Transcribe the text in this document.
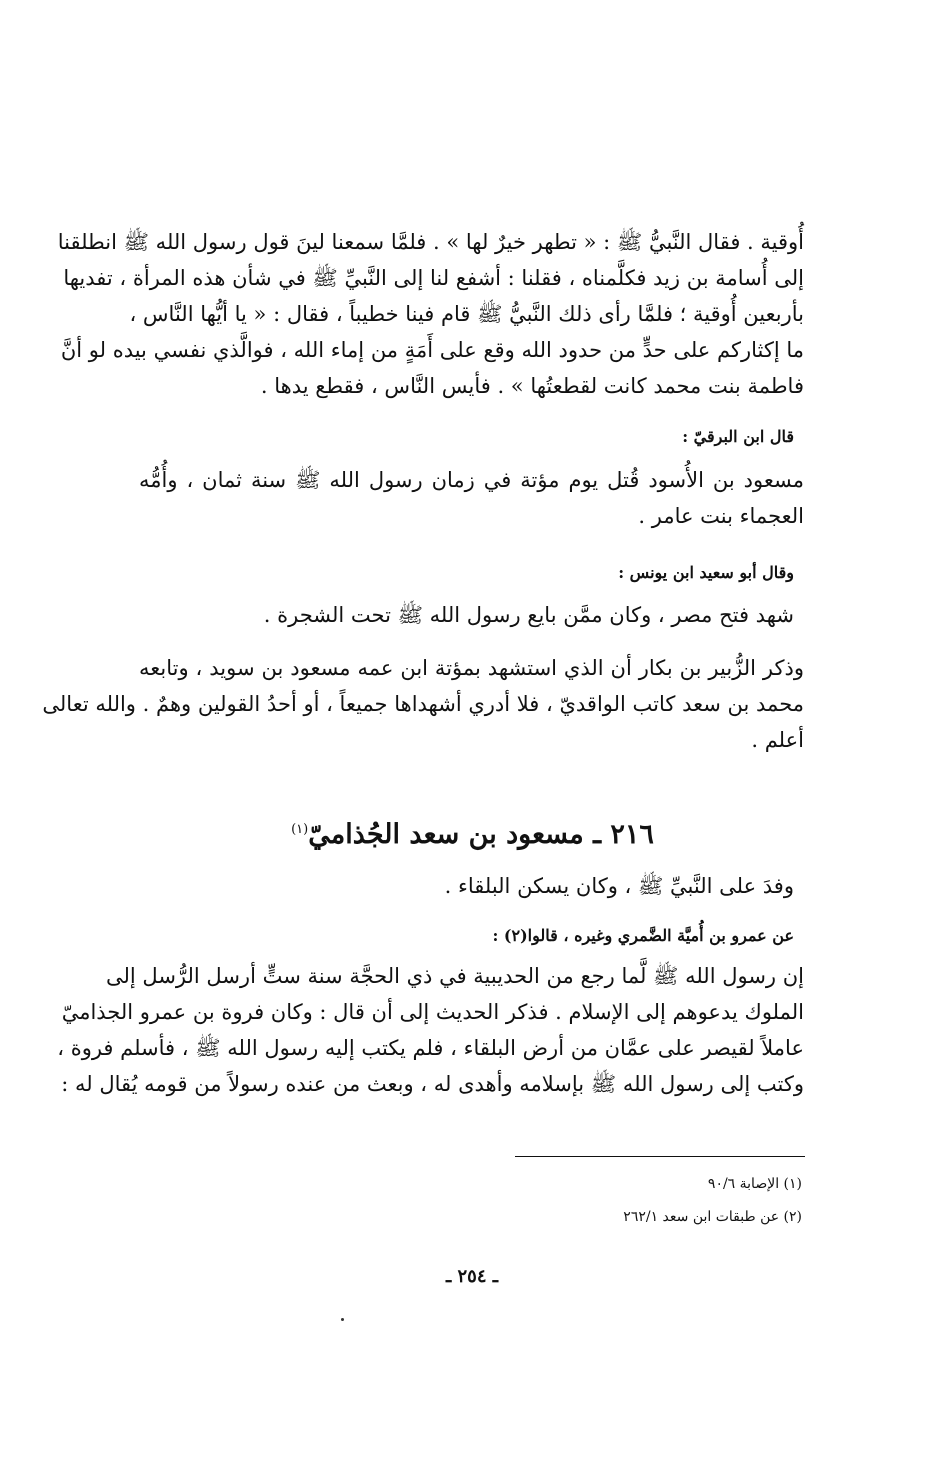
أُوقية . فقال النَّبيُّ ﷺ : « تطهر خيرٌ لها » . فلمَّا سمعنا لينَ قول رسول الله ﷺ انطلقنا
إلى أُسامة بن زيد فكلَّمناه ، فقلنا : أشفع لنا إلى النَّبيِّ ﷺ في شأن هذه المرأة ، تفديها
بأربعين أُوقية ؛ فلمَّا رأى ذلك النَّبيُّ ﷺ قام فينا خطيباً ، فقال : « يا أيُّها النَّاس ،
ما إكثاركم على حدٍّ من حدود الله وقع على أَمَةٍ من إماء الله ، فوالَّذي نفسي بيده لو أنَّ
فاطمة بنت محمد كانت لقطعتُها » . فأيس النَّاس ، فقطع يدها .
قال ابن البرقيّ :
مسعود بن الأُسود قُتل يوم مؤتة في زمان رسول الله ﷺ سنة ثمان ، وأُمُّه
العجماء بنت عامر .
وقال أبو سعيد ابن يونس :
شهد فتح مصر ، وكان ممَّن بايع رسول الله ﷺ تحت الشجرة .
وذكر الزُّبير بن بكار أن الذي استشهد بمؤتة ابن عمه مسعود بن سويد ، وتابعه
محمد بن سعد كاتب الواقديّ ، فلا أدري أشهداها جميعاً ، أو أحدُ القولين وهمٌ . والله تعالى
أعلم .
٢١٦ ـ مسعود بن سعد الجُذاميّ$^{(١)}$
وفدَ على النَّبيِّ ﷺ ، وكان يسكن البلقاء .
عن عمرو بن أُميَّة الضَّمري وغيره ، قالوا(٢) :
إن رسول الله ﷺ لَّما رجع من الحديبية في ذي الحجَّة سنة ستٍّ أرسل الرُّسل إلى
الملوك يدعوهم إلى الإسلام . فذكر الحديث إلى أن قال : وكان فروة بن عمرو الجذاميّ
عاملاً لقيصر على عمَّان من أرض البلقاء ، فلم يكتب إليه رسول الله ﷺ ، فأسلم فروة ،
وكتب إلى رسول الله ﷺ بإسلامه وأهدى له ، وبعث من عنده رسولاً من قومه يُقال له :
(١) الإصابة ٩٠/٦
(٢) عن طبقات ابن سعد ٢٦٢/١
ـ ٢٥٤ ـ
